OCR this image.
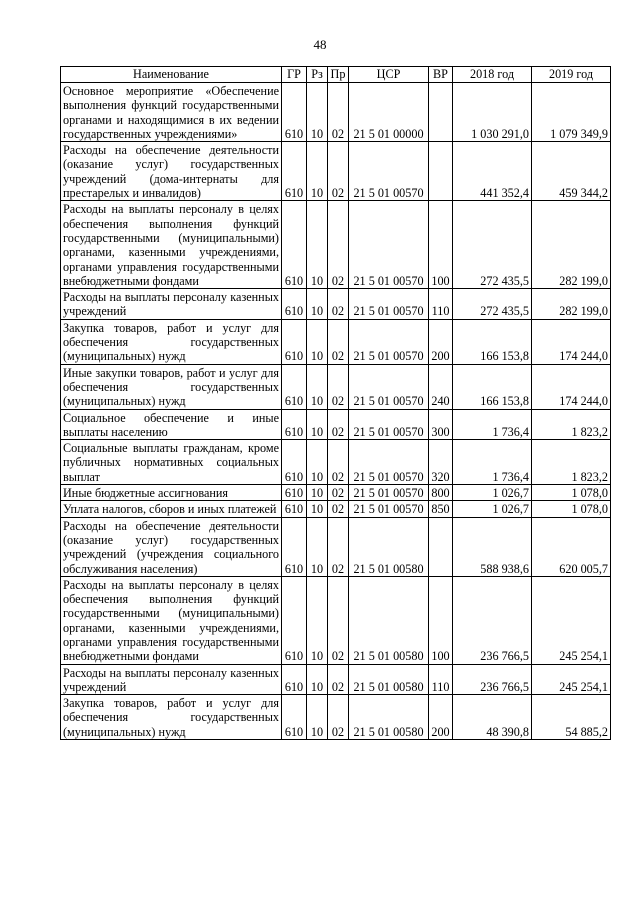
48
Наименование	ГР	Рз	Пр	ЦСР	ВР	2018 год	2019 год
Основное мероприятие «Обеспечение выполнения функций государственными органами и находящимися в их ведении государственных учреждениями»	610	10	02	21 5 01 00000		1 030 291,0	1 079 349,9
Расходы на обеспечение деятельности (оказание услуг) государственных учреждений (дома-интернаты для престарелых и инвалидов)	610	10	02	21 5 01 00570		441 352,4	459 344,2
Расходы на выплаты персоналу в целях обеспечения выполнения функций государственными (муниципальными) органами, казенными учреждениями, органами управления государственными внебюджетными фондами	610	10	02	21 5 01 00570	100	272 435,5	282 199,0
Расходы на выплаты персоналу казенных учреждений	610	10	02	21 5 01 00570	110	272 435,5	282 199,0
Закупка товаров, работ и услуг для обеспечения государственных (муниципальных) нужд	610	10	02	21 5 01 00570	200	166 153,8	174 244,0
Иные закупки товаров, работ и услуг для обеспечения государственных (муниципальных) нужд	610	10	02	21 5 01 00570	240	166 153,8	174 244,0
Социальное обеспечение и иные выплаты населению	610	10	02	21 5 01 00570	300	1 736,4	1 823,2
Социальные выплаты гражданам, кроме публичных нормативных социальных выплат	610	10	02	21 5 01 00570	320	1 736,4	1 823,2
Иные бюджетные ассигнования	610	10	02	21 5 01 00570	800	1 026,7	1 078,0
Уплата налогов, сборов и иных платежей	610	10	02	21 5 01 00570	850	1 026,7	1 078,0
Расходы на обеспечение деятельности (оказание услуг) государственных учреждений (учреждения социального обслуживания населения)	610	10	02	21 5 01 00580		588 938,6	620 005,7
Расходы на выплаты персоналу в целях обеспечения выполнения функций государственными (муниципальными) органами, казенными учреждениями, органами управления государственными внебюджетными фондами	610	10	02	21 5 01 00580	100	236 766,5	245 254,1
Расходы на выплаты персоналу казенных учреждений	610	10	02	21 5 01 00580	110	236 766,5	245 254,1
Закупка товаров, работ и услуг для обеспечения государственных (муниципальных) нужд	610	10	02	21 5 01 00580	200	48 390,8	54 885,2
